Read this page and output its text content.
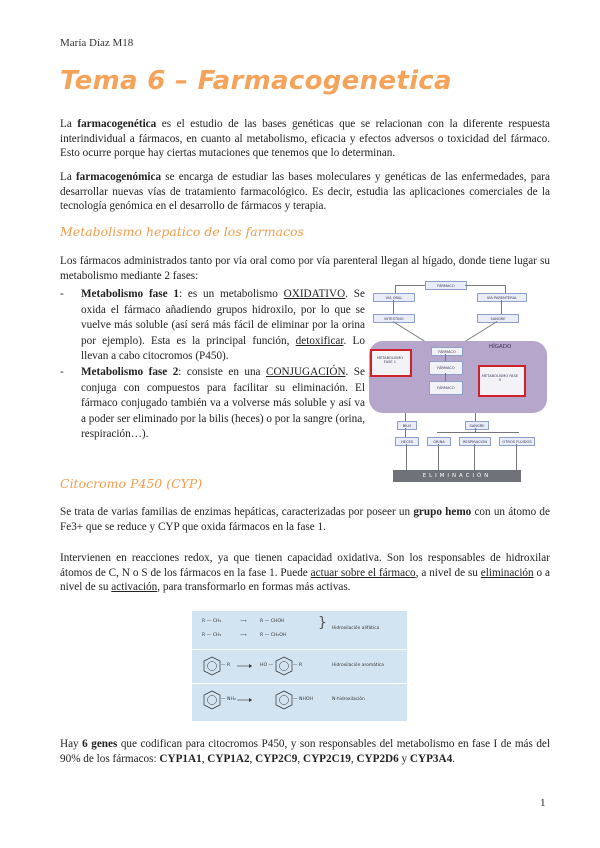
María Díaz M18
Tema 6 – Farmacogenetica
La farmacogenética es el estudio de las bases genéticas que se relacionan con la diferente respuesta interindividual a fármacos, en cuanto al metabolismo, eficacia y efectos adversos o toxicidad del fármaco. Esto ocurre porque hay ciertas mutaciones que tenemos que lo determinan.
La farmacogenómica se encarga de estudiar las bases moleculares y genéticas de las enfermedades, para desarrollar nuevas vías de tratamiento farmacológico. Es decir, estudia las aplicaciones comerciales de la tecnología genómica en el desarrollo de fármacos y terapia.
Metabolismo hepatico de los farmacos
Los fármacos administrados tanto por vía oral como por vía parenteral llegan al hígado, donde tiene lugar su metabolismo mediante 2 fases:
- Metabolismo fase 1: es un metabolismo OXIDATIVO. Se oxida el fármaco añadiendo grupos hidroxilo, por lo que se vuelve más soluble (así será más fácil de eliminar por la orina por ejemplo). Esta es la principal función, detoxificar. Lo llevan a cabo citocromos (P450).
- Metabolismo fase 2: consiste en una CONJUGACIÓN. Se conjuga con compuestos para facilitar su eliminación. El fármaco conjugado también va a volverse más soluble y así va a poder ser eliminado por la bilis (heces) o por la sangre (orina, respiración…).
FÁRMACO
VÍA ORAL	VÍA PARENTERAL
INTESTINO	SANGRE
HÍGADO
FÁRMACO
METABOLISMO FASE 1
FÁRMACO
FÁRMACO
METABOLISMO FASE II
BILIS	SANGRE
HECES	ORINA	RESPIRACIÓN	OTROS FLUIDOS
ELIMINACIÓN
Citocromo P450 (CYP)
Se trata de varias familias de enzimas hepáticas, caracterizadas por poseer un grupo hemo con un átomo de Fe3+ que se reduce y CYP que oxida fármacos en la fase 1.
Intervienen en reacciones redox, ya que tienen capacidad oxidativa. Son los responsables de hidroxilar átomos de C, N o S de los fármacos en la fase 1. Puede actuar sobre el fármaco, a nivel de su eliminación o a nivel de su activación, para transformarlo en formas más activas.
R — CH₃	⟶	R — CHOH
R — CH₃	⟶	R — CH₂OH
} Hidroxilación alifática
— R	HO —	— R	Hidroxilación aromática
— NH₂	— NHOH	N-hidroxilación
Hay 6 genes que codifican para citocromos P450, y son responsables del metabolismo en fase I de más del 90% de los fármacos: CYP1A1, CYP1A2, CYP2C9, CYP2C19, CYP2D6 y CYP3A4.
1
